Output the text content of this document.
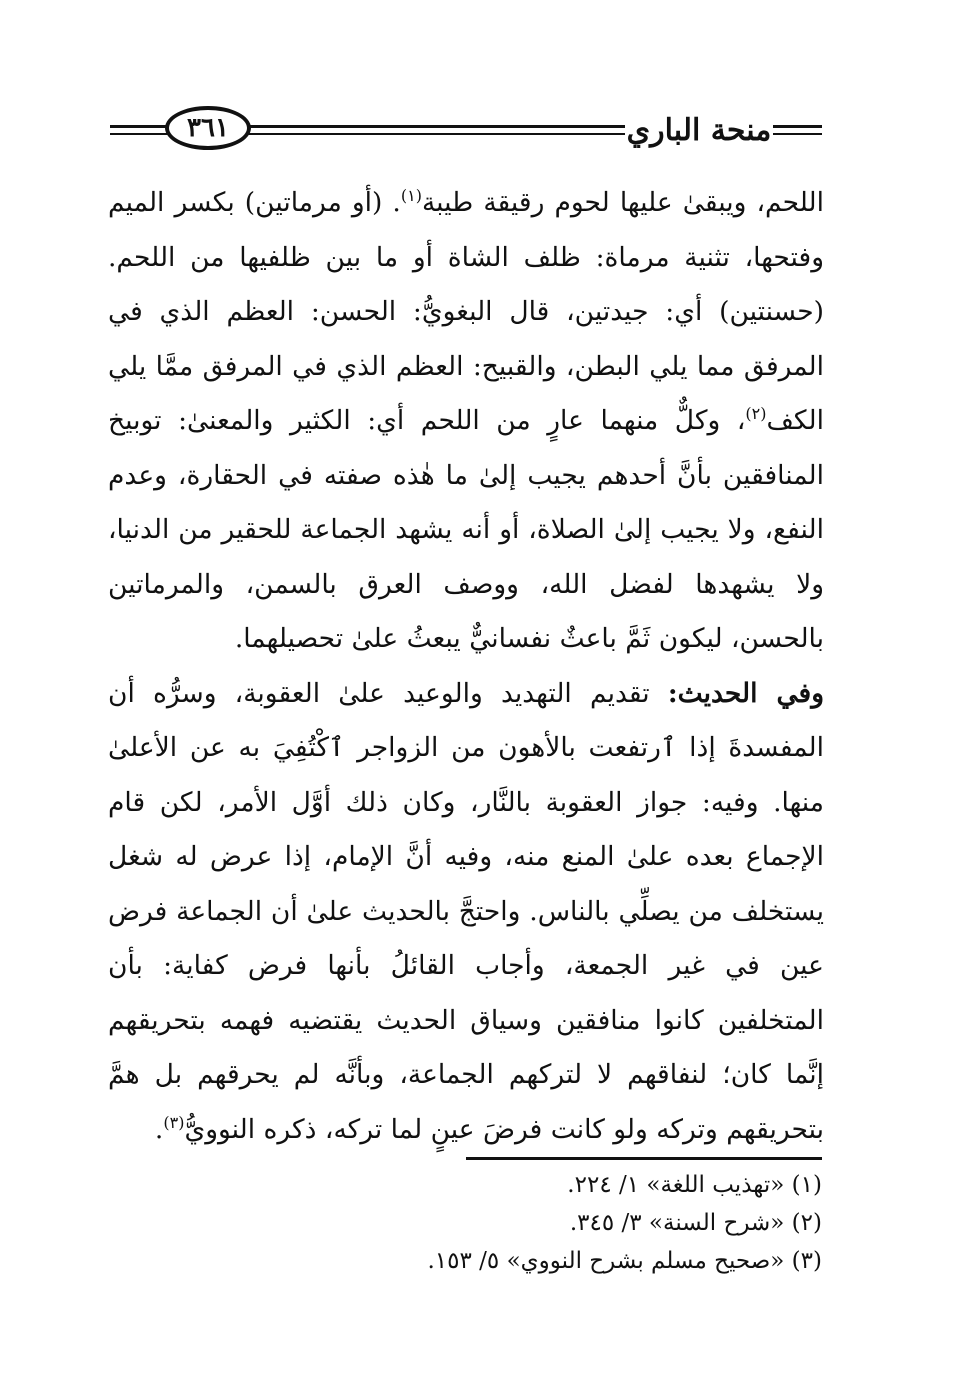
٣٦١	منحة الباري

اللحم، ويبقىٰ عليها لحوم رقيقة طيبة$^{(١)}$. (أو مرماتين) بكسر الميم وفتحها، تثنية مرماة: ظلف الشاة أو ما بين ظلفيها من اللحم. (حسنتين) أي: جيدتين، قال البغويُّ: الحسن: العظم الذي في المرفق مما يلي البطن، والقبيح: العظم الذي في المرفق ممَّا يلي الكف$^{(٢)}$، وكلٌّ منهما عارٍ من اللحم أي: الكثير والمعنىٰ: توبيخ المنافقين بأنَّ أحدهم يجيب إلىٰ ما هٰذه صفته في الحقارة، وعدم النفع، ولا يجيب إلىٰ الصلاة، أو أنه يشهد الجماعة للحقير من الدنيا، ولا يشهدها لفضل الله، ووصف العرق بالسمن، والمرماتين بالحسن، ليكون ثَمَّ باعثٌ نفسانيٌّ يبعثُ علىٰ تحصيلهما.

وفي الحديث: تقديم التهديد والوعيد علىٰ العقوبة، وسرُّه أن المفسدةَ إذا ٱرتفعت بالأهون من الزواجر ٱكْتُفِيَ به عن الأعلىٰ منها. وفيه: جواز العقوبة بالنَّار، وكان ذلك أوَّل الأمر، لكن قام الإجماع بعده علىٰ المنع منه، وفيه أنَّ الإمام، إذا عرض له شغل يستخلف من يصلِّي بالناس. واحتجَّ بالحديث علىٰ أن الجماعة فرض عين في غير الجمعة، وأجاب القائلُ بأنها فرض كفاية: بأن المتخلفين كانوا منافقين وسياق الحديث يقتضيه فهمه بتحريقهم إنَّما كان؛ لنفاقهم لا لتركهم الجماعة، وبأنَّه لم يحرقهم بل همَّ بتحريقهم وتركه ولو كانت فرضَ عينٍ لما تركه، ذكره النوويُّ$^{(٣)}$.

(١) «تهذيب اللغة» ١/ ٢٢٤.
(٢) «شرح السنة» ٣/ ٣٤٥.
(٣) «صحيح مسلم بشرح النووي» ٥/ ١٥٣.
